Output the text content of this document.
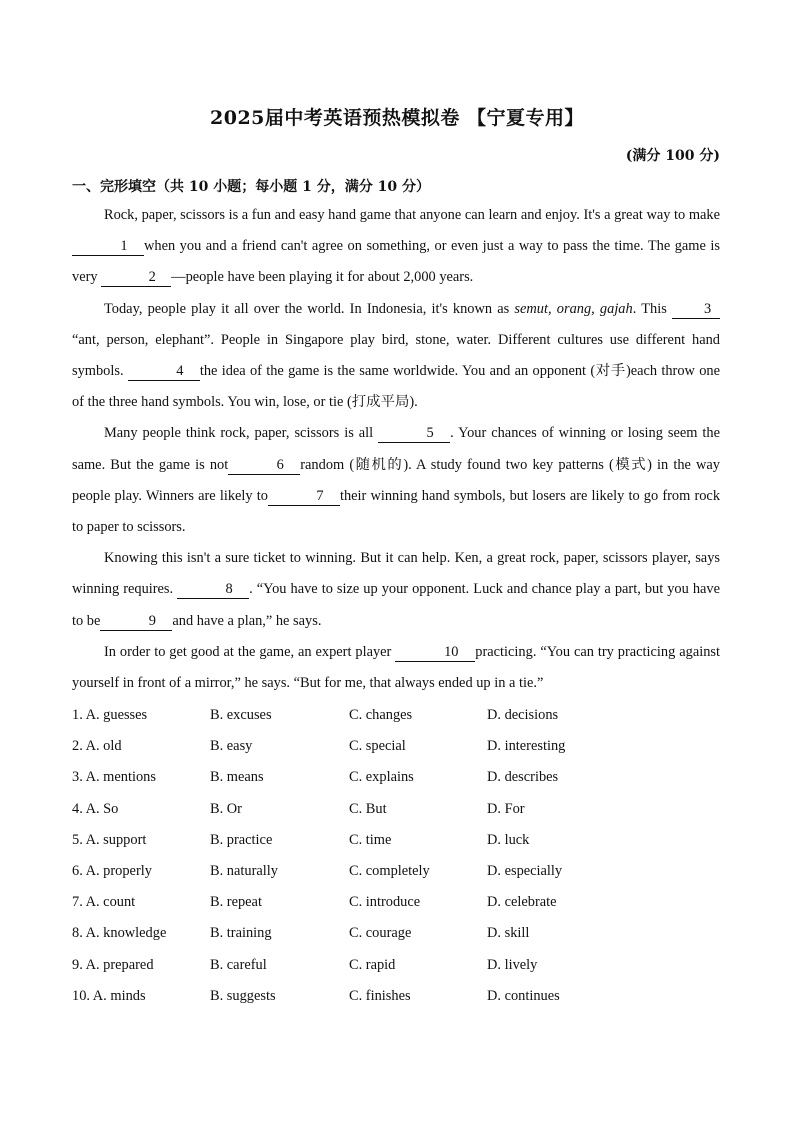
2025届中考英语预热模拟卷 【宁夏专用】
(满分 100 分)
一、完形填空（共 10 小题；每小题 1 分，满分 10 分）

Rock, paper, scissors is a fun and easy hand game that anyone can learn and enjoy. It's a great way to make 1 when you and a friend can't agree on something, or even just a way to pass the time. The game is very	2 —people have been playing it for about 2,000 years.

Today, people play it all over the world. In Indonesia, it's known as semut, orang, gajah. This 3“ant, person, elephant”. People in Singapore play bird, stone, water. Different cultures use different hand symbols.	4 the idea of the game is the same worldwide. You and an opponent (对手)each throw one of the three hand symbols. You win, lose, or tie (打成平局).

Many people think rock, paper, scissors is all	5 . Your chances of winning or losing seem the same. But the game is not	6 random (随机的). A study found two key patterns (模式) in the way people play. Winners are likely to	7 their winning hand symbols, but losers are likely to go from rock to paper to scissors.

Knowing this isn't a sure ticket to winning. But it can help. Ken, a great rock, paper, scissors player, says winning requires.	8 . “You have to size up your opponent. Luck and chance play a part, but you have to be	9 and have a plan,” he says.

In order to get good at the game, an expert player	10 practicing. “You can try practicing against yourself in front of a mirror,” he says. “But for me, that always ended up in a tie.”

1. A. guesses	B. excuses	C. changes	D. decisions
2. A. old	B. easy	C. special	D. interesting
3. A. mentions	B. means	C. explains	D. describes
4. A. So	B. Or	C. But	D. For
5. A. support	B. practice	C. time	D. luck
6. A. properly	B. naturally	C. completely	D. especially
7. A. count	B. repeat	C. introduce	D. celebrate
8. A. knowledge	B. training	C. courage	D. skill
9. A. prepared	B. careful	C. rapid	D. lively
10. A. minds	B. suggests	C. finishes	D. continues
